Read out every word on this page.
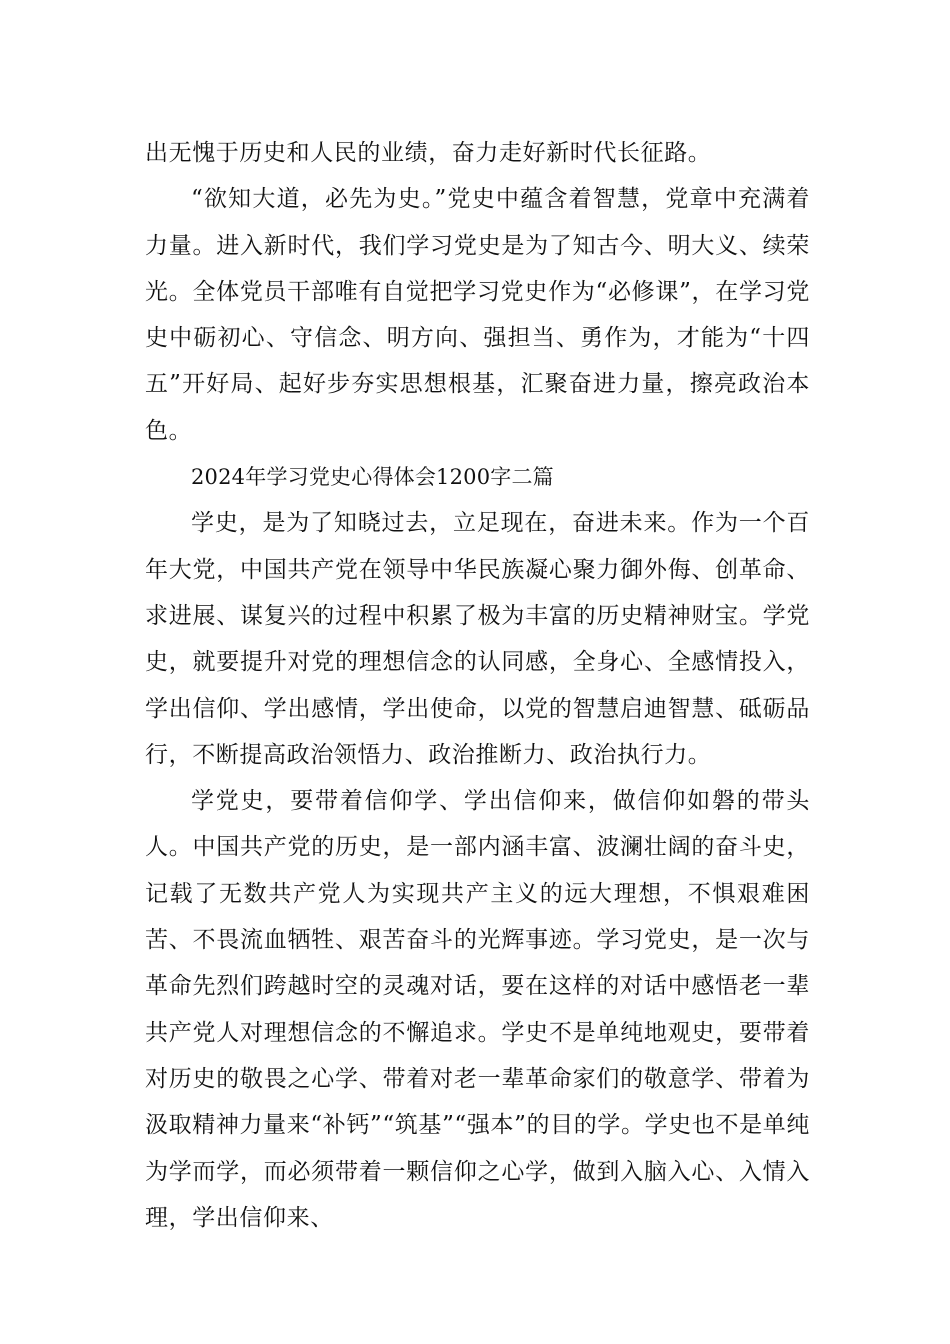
出无愧于历史和人民的业绩，奋力走好新时代长征路。

“欲知大道，必先为史。”党史中蕴含着智慧，党章中充满着力量。进入新时代，我们学习党史是为了知古今、明大义、续荣光。全体党员干部唯有自觉把学习党史作为“必修课”，在学习党史中砺初心、守信念、明方向、强担当、勇作为，才能为“十四五”开好局、起好步夯实思想根基，汇聚奋进力量，擦亮政治本色。

2024年学习党史心得体会1200字二篇

学史，是为了知晓过去，立足现在，奋进未来。作为一个百年大党，中国共产党在领导中华民族凝心聚力御外侮、创革命、求进展、谋复兴的过程中积累了极为丰富的历史精神财宝。学党史，就要提升对党的理想信念的认同感，全身心、全感情投入，学出信仰、学出感情，学出使命，以党的智慧启迪智慧、砥砺品行，不断提高政治领悟力、政治推断力、政治执行力。

学党史，要带着信仰学、学出信仰来，做信仰如磐的带头人。中国共产党的历史，是一部内涵丰富、波澜壮阔的奋斗史，记载了无数共产党人为实现共产主义的远大理想，不惧艰难困苦、不畏流血牺牲、艰苦奋斗的光辉事迹。学习党史，是一次与革命先烈们跨越时空的灵魂对话，要在这样的对话中感悟老一辈共产党人对理想信念的不懈追求。学史不是单纯地观史，要带着对历史的敬畏之心学、带着对老一辈革命家们的敬意学、带着为汲取精神力量来“补钙”“筑基”“强本”的目的学。学史也不是单纯为学而学，而必须带着一颗信仰之心学，做到入脑入心、入情入理，学出信仰来、
